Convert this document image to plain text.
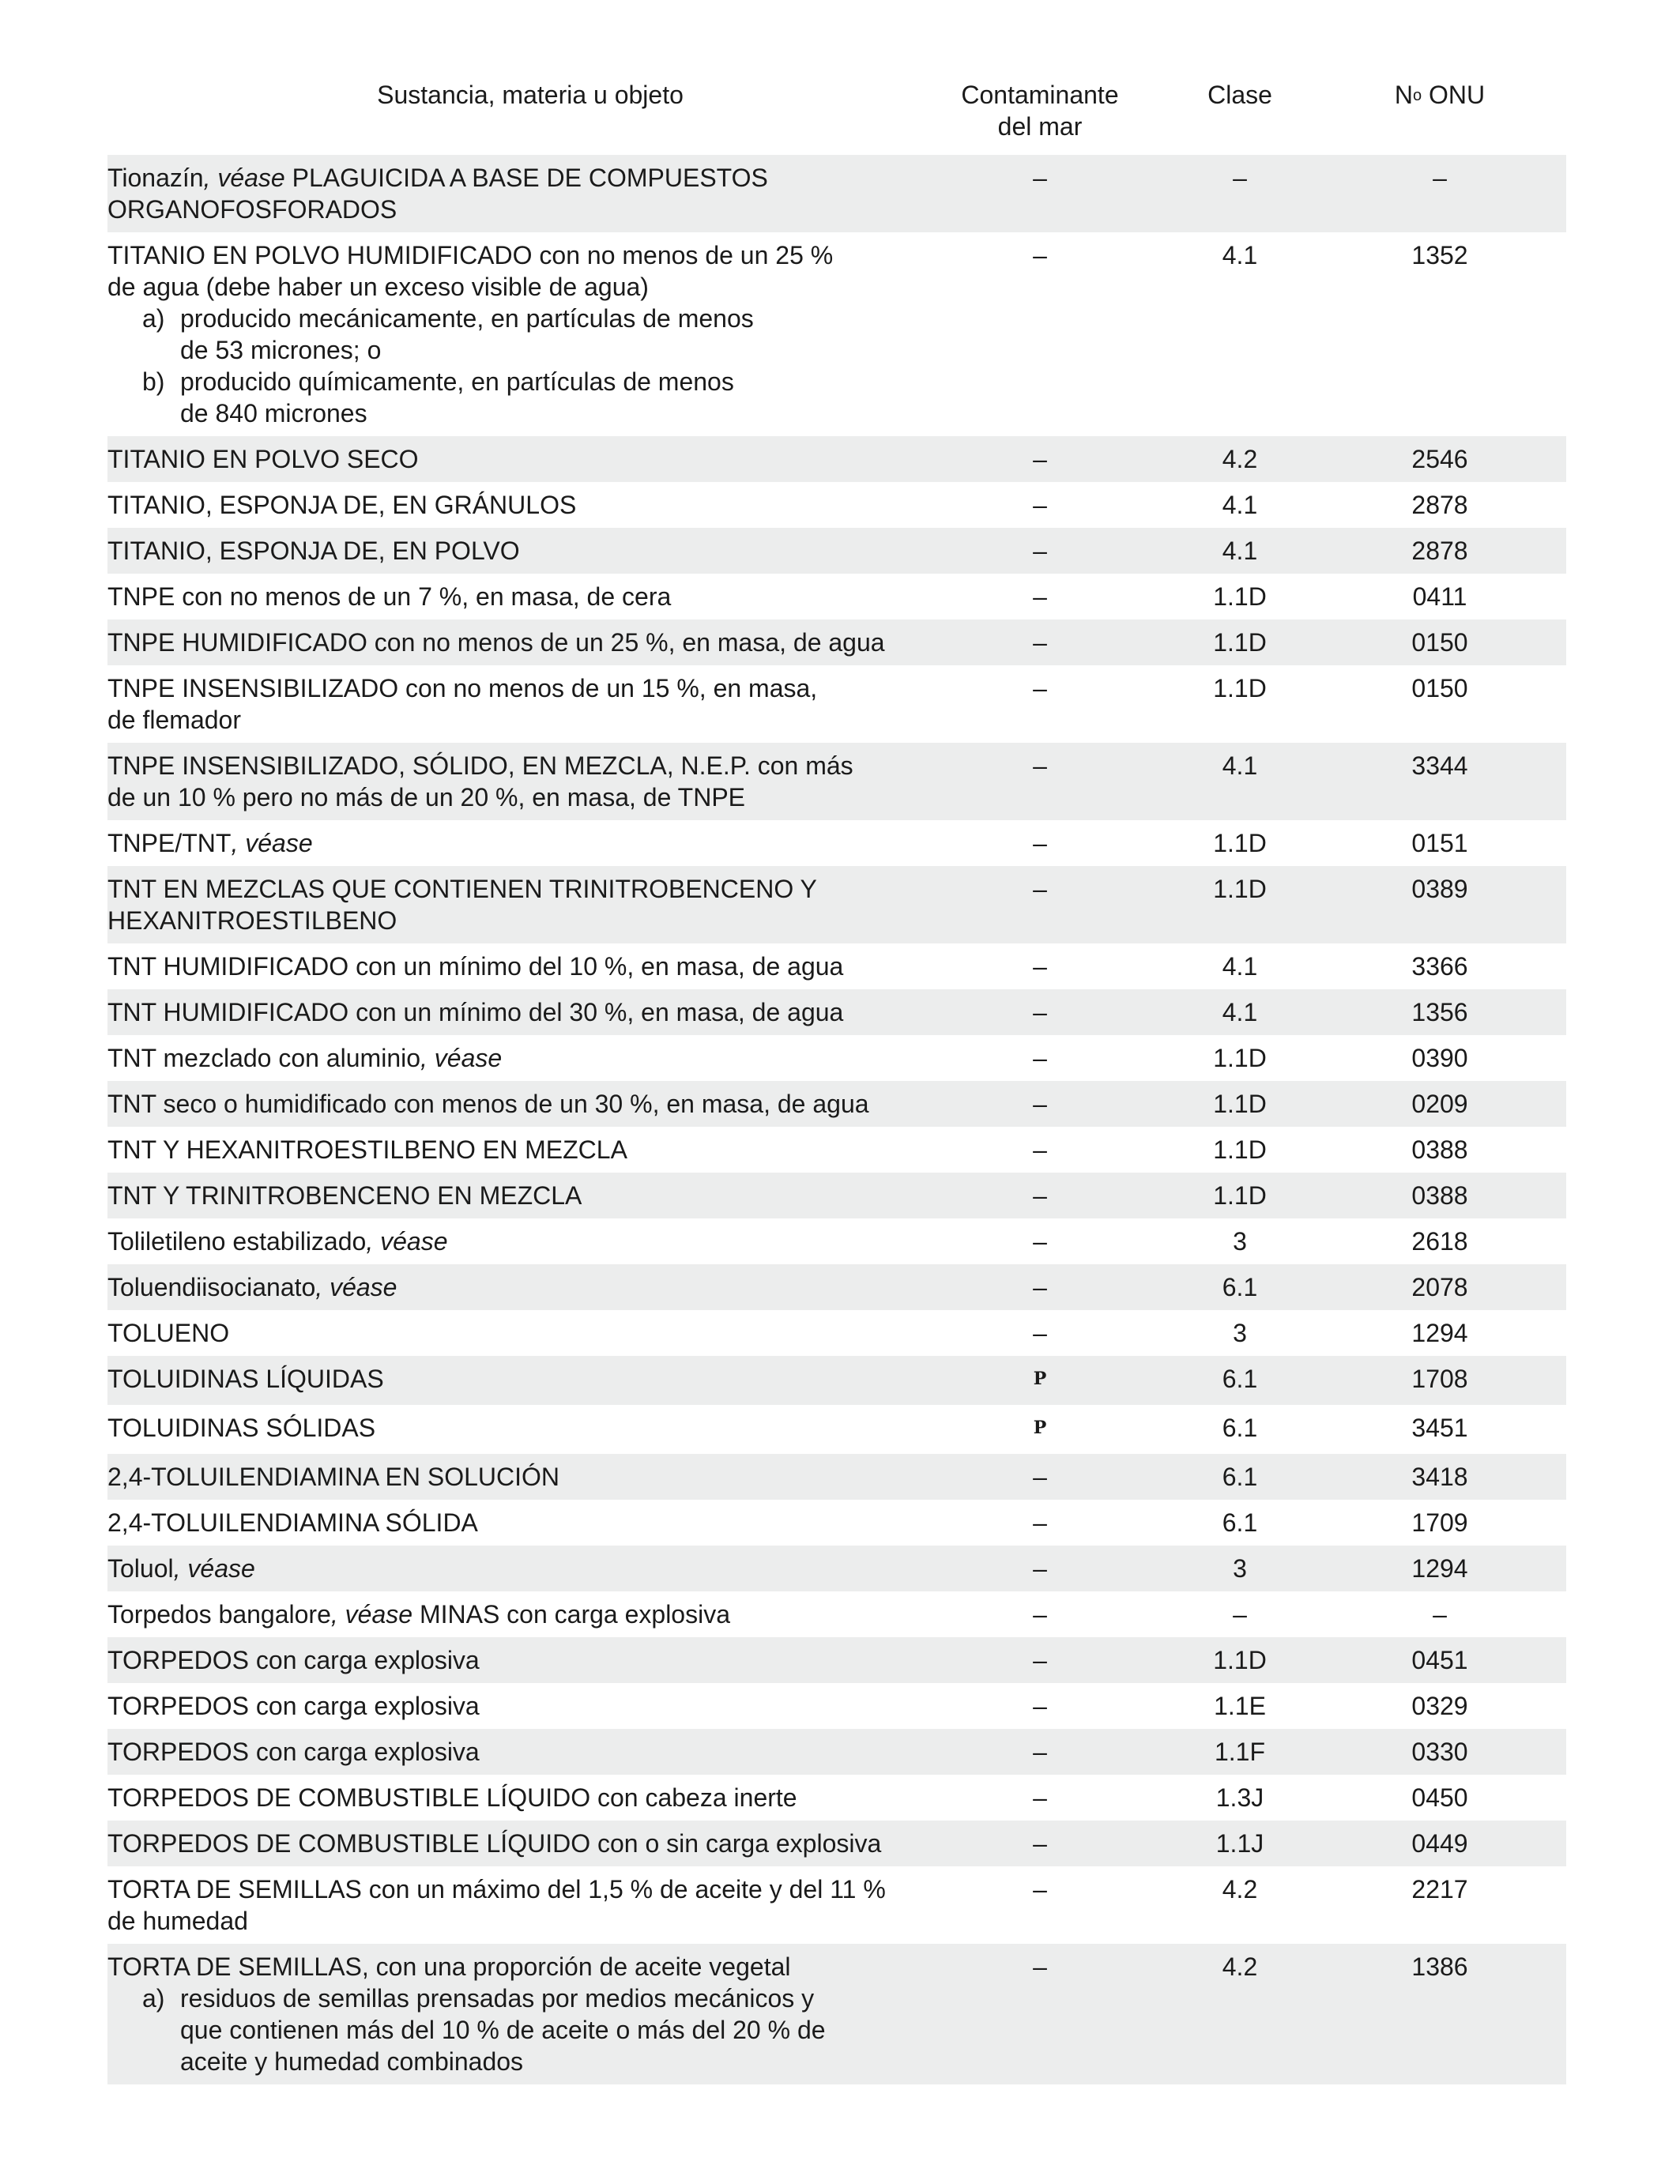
Sustancia, materia u objeto	Contaminante
del mar
Clase	$N^o$ ONU
Tionazín, véase PLAGUICIDA A BASE DE COMPUESTOS
ORGANOFOSFORADOS
–	–	–
TITANIO EN POLVO HUMIDIFICADO con no menos de un 25 %
de agua (debe haber un exceso visible de agua)
a) producido mecánicamente, en partículas de menos
de 53 micrones; o
b) producido químicamente, en partículas de menos
de 840 micrones
–	4.1	1352
TITANIO EN POLVO SECO	–	4.2	2546
TITANIO, ESPONJA DE, EN GRÁNULOS	–	4.1	2878
TITANIO, ESPONJA DE, EN POLVO	–	4.1	2878
TNPE con no menos de un 7 %, en masa, de cera	–	1.1D	0411
TNPE HUMIDIFICADO con no menos de un 25 %, en masa, de agua	–	1.1D	0150
TNPE INSENSIBILIZADO con no menos de un 15 %, en masa,
de flemador
–	1.1D	0150
TNPE INSENSIBILIZADO, SÓLIDO, EN MEZCLA, N.E.P. con más
de un 10 % pero no más de un 20 %, en masa, de TNPE
–	4.1	3344
TNPE/TNT, véase	–	1.1D	0151
TNT EN MEZCLAS QUE CONTIENEN TRINITROBENCENO Y
HEXANITROESTILBENO
–	1.1D	0389
TNT HUMIDIFICADO con un mínimo del 10 %, en masa, de agua	–	4.1	3366
TNT HUMIDIFICADO con un mínimo del 30 %, en masa, de agua	–	4.1	1356
TNT mezclado con aluminio, véase	–	1.1D	0390
TNT seco o humidificado con menos de un 30 %, en masa, de agua	–	1.1D	0209
TNT Y HEXANITROESTILBENO EN MEZCLA	–	1.1D	0388
TNT Y TRINITROBENCENO EN MEZCLA	–	1.1D	0388
Toliletileno estabilizado, véase	–	3	2618
Toluendiisocianato, véase	–	6.1	2078
TOLUENO	–	3	1294
TOLUIDINAS LÍQUIDAS	P	6.1	1708
TOLUIDINAS SÓLIDAS	P	6.1	3451
2,4-TOLUILENDIAMINA EN SOLUCIÓN	–	6.1	3418
2,4-TOLUILENDIAMINA SÓLIDA	–	6.1	1709
Toluol, véase	–	3	1294
Torpedos bangalore, véase MINAS con carga explosiva	–	–	–
TORPEDOS con carga explosiva	–	1.1D	0451
TORPEDOS con carga explosiva	–	1.1E	0329
TORPEDOS con carga explosiva	–	1.1F	0330
TORPEDOS DE COMBUSTIBLE LÍQUIDO con cabeza inerte	–	1.3J	0450
TORPEDOS DE COMBUSTIBLE LÍQUIDO con o sin carga explosiva	–	1.1J	0449
TORTA DE SEMILLAS con un máximo del 1,5 % de aceite y del 11 %
de humedad
–	4.2	2217
TORTA DE SEMILLAS, con una proporción de aceite vegetal
a) residuos de semillas prensadas por medios mecánicos y
que contienen más del 10 % de aceite o más del 20 % de
aceite y humedad combinados
–	4.2	1386
